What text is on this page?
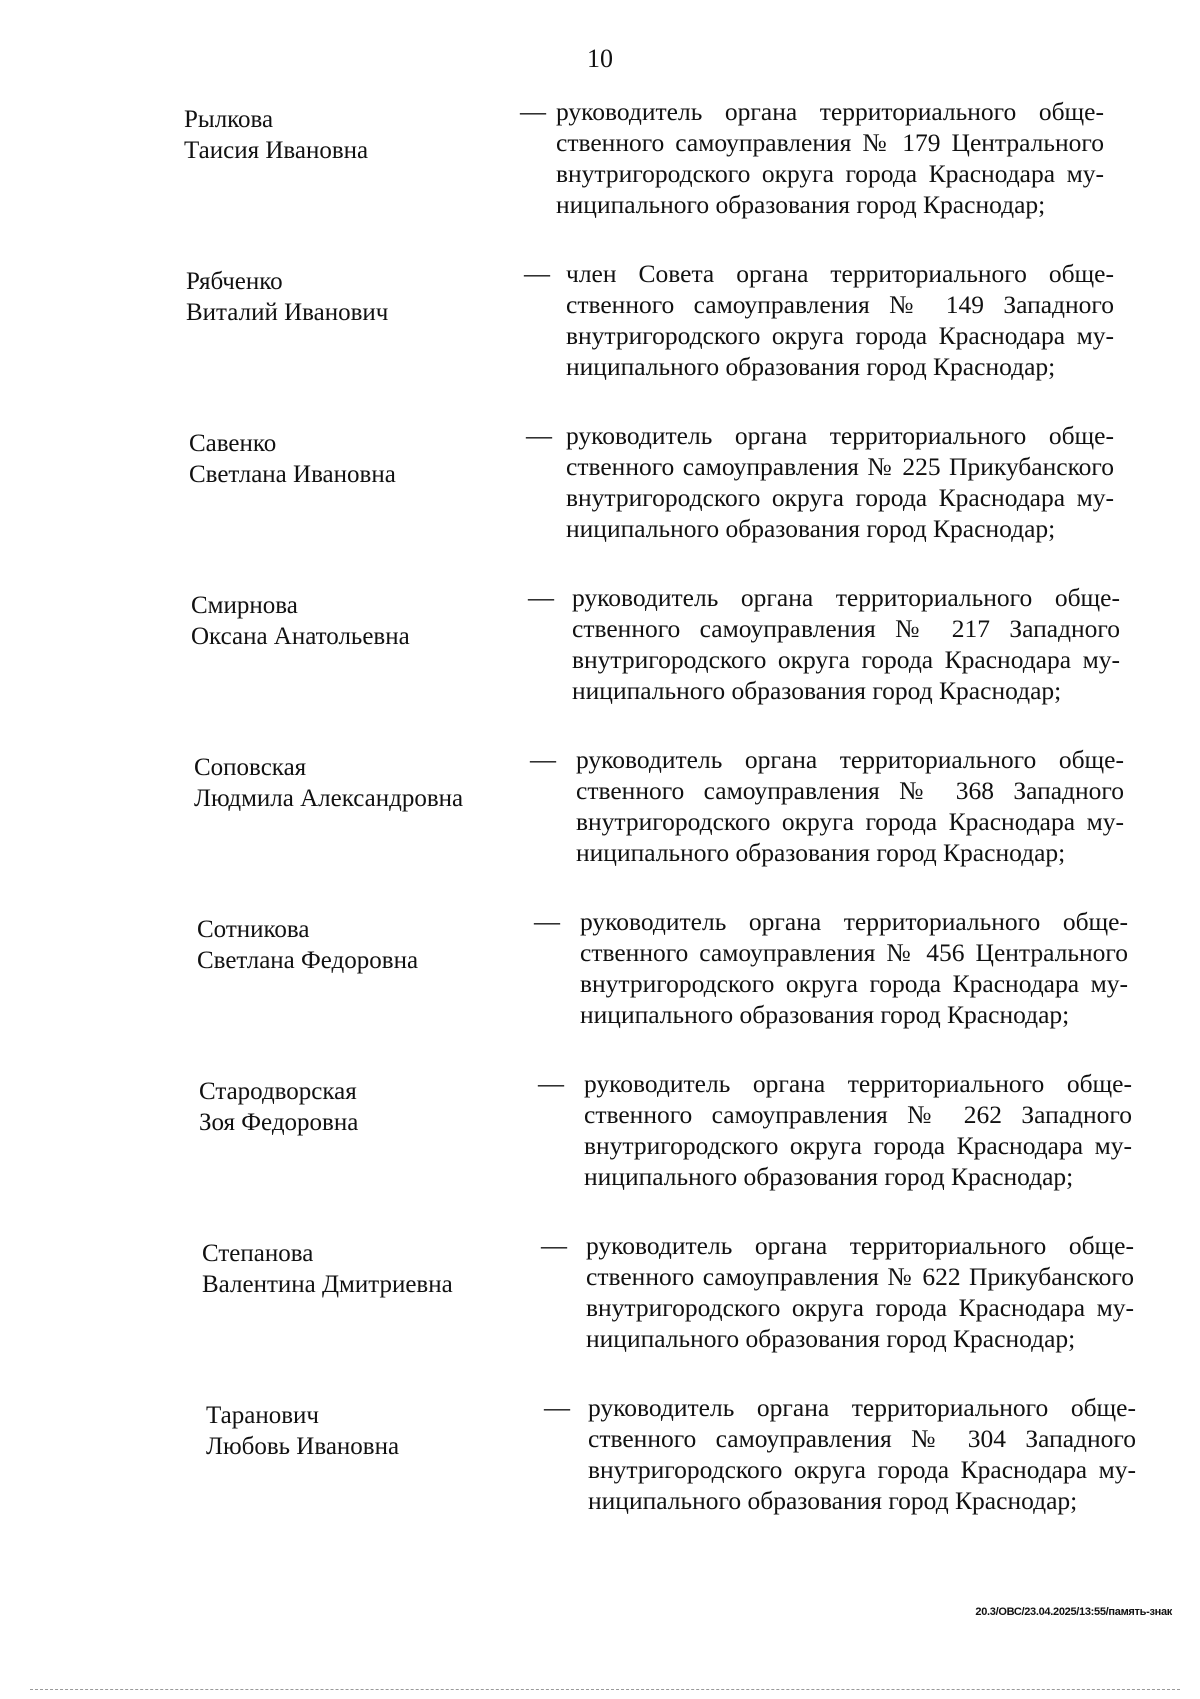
10
Рылкова
Таисия Ивановна
— руководитель органа территориального обще-
ственного самоуправления № 179 Центрального
внутригородского округа города Краснодара му-
ниципального образования город Краснодар;
Рябченко
Виталий Иванович
— член Совета органа территориального обще-
ственного самоуправления № 149 Западного
внутригородского округа города Краснодара му-
ниципального образования город Краснодар;
Савенко
Светлана Ивановна
— руководитель органа территориального обще-
ственного самоуправления № 225 Прикубанского
внутригородского округа города Краснодара му-
ниципального образования город Краснодар;
Смирнова
Оксана Анатольевна
— руководитель органа территориального обще-
ственного самоуправления № 217 Западного
внутригородского округа города Краснодара му-
ниципального образования город Краснодар;
Соповская
Людмила Александровна
— руководитель органа территориального обще-
ственного самоуправления № 368 Западного
внутригородского округа города Краснодара му-
ниципального образования город Краснодар;
Сотникова
Светлана Федоровна
— руководитель органа территориального обще-
ственного самоуправления № 456 Центрального
внутригородского округа города Краснодара му-
ниципального образования город Краснодар;
Стародворская
Зоя Федоровна
— руководитель органа территориального обще-
ственного самоуправления № 262 Западного
внутригородского округа города Краснодара му-
ниципального образования город Краснодар;
Степанова
Валентина Дмитриевна
— руководитель органа территориального обще-
ственного самоуправления № 622 Прикубанского
внутригородского округа города Краснодара му-
ниципального образования город Краснодар;
Таранович
Любовь Ивановна
— руководитель органа территориального обще-
ственного самоуправления № 304 Западного
внутригородского округа города Краснодара му-
ниципального образования город Краснодар;
20.3/ОВС/23.04.2025/13:55/память-знак
